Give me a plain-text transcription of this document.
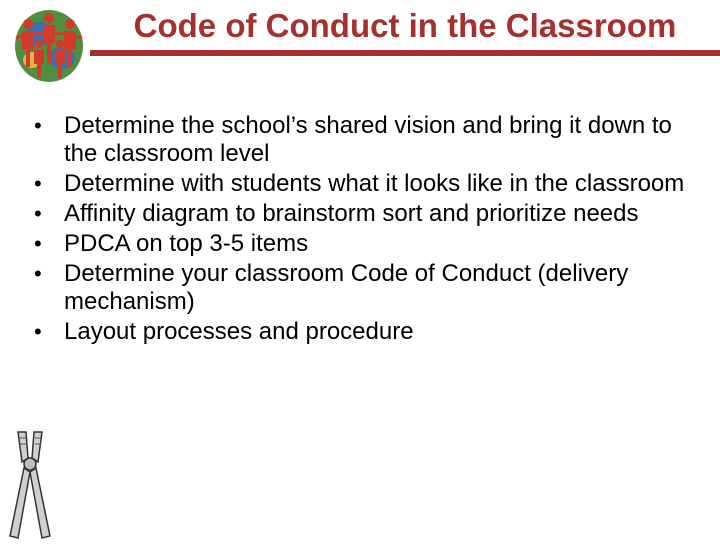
Code of Conduct in the Classroom
• Determine the school’s shared vision and bring it down to the classroom level
• Determine with students what it looks like in the classroom
• Affinity diagram to brainstorm sort and prioritize needs
• PDCA on top 3-5 items
• Determine your classroom Code of Conduct (delivery mechanism)
• Layout processes and procedure
